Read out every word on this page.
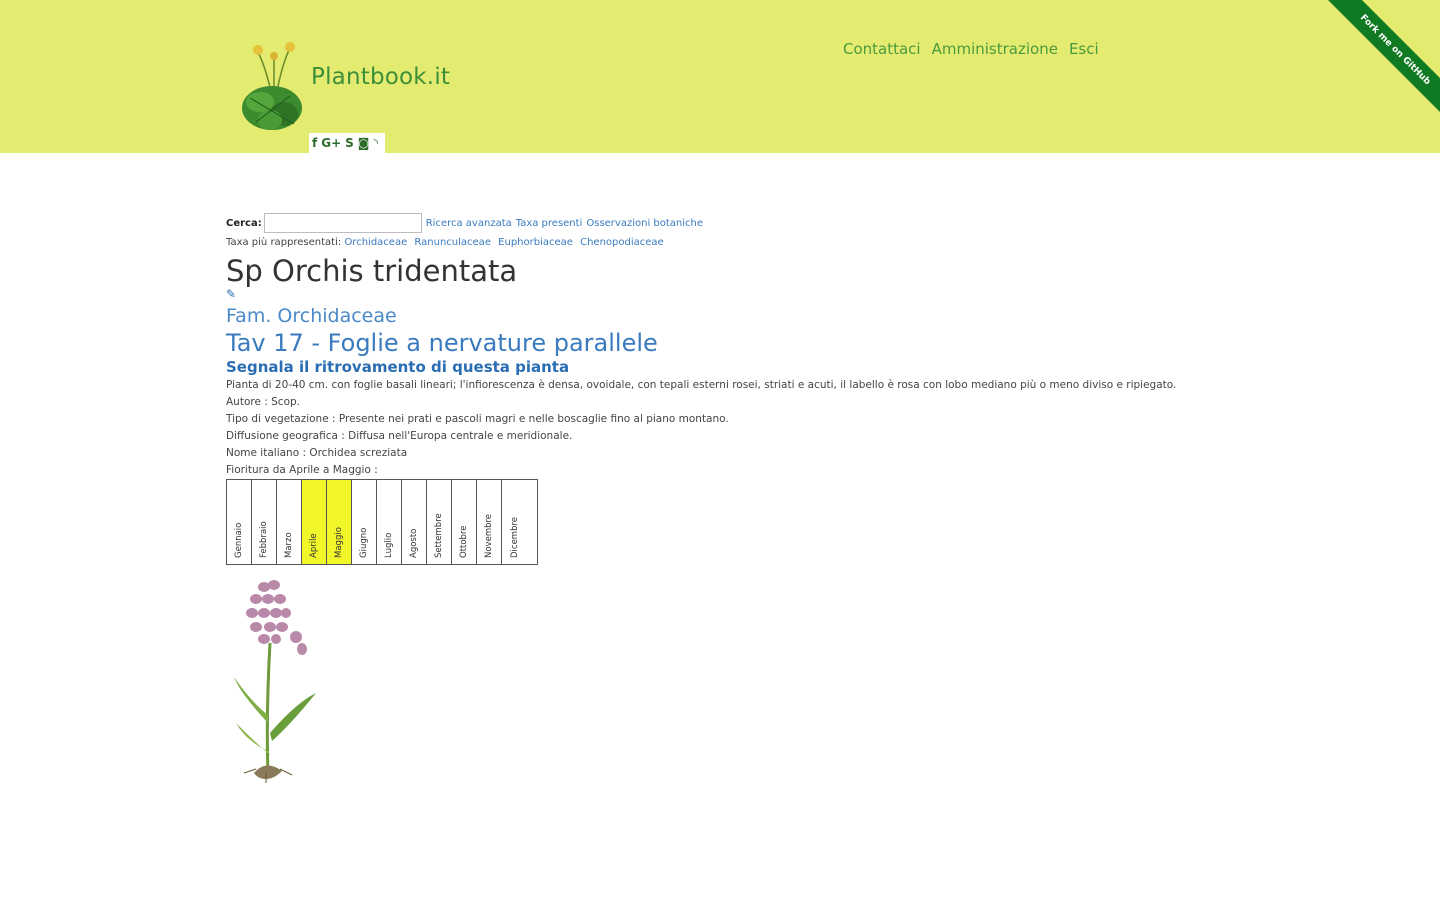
Plantbook.it
f G+ S ◙ ◝
Contattaci Amministrazione Esci	Fork me on GitHub
Cerca:	Ricerca avanzata Taxa presenti Osservazioni botaniche
Taxa più rappresentati: Orchidaceae Ranunculaceae Euphorbiaceae Chenopodiaceae
Sp Orchis tridentata
✎
Fam. Orchidaceae
Tav 17 - Foglie a nervature parallele
Segnala il ritrovamento di questa pianta

Pianta di 20-40 cm. con foglie basali lineari; l'infiorescenza è densa, ovoidale, con tepali esterni rosei, striati e acuti, il labello è rosa con lobo mediano più o meno diviso e ripiegato.

Autore : Scop.

Tipo di vegetazione : Presente nei prati e pascoli magri e nelle boscaglie fino al piano montano.

Diffusione geografica : Diffusa nell'Europa centrale e meridionale.

Nome italiano : Orchidea screziata

Fioritura da Aprile a Maggio :

Gennaio Febbraio Marzo Aprile Maggio Giugno Luglio Agosto Settembre Ottobre Novembre Dicembre
